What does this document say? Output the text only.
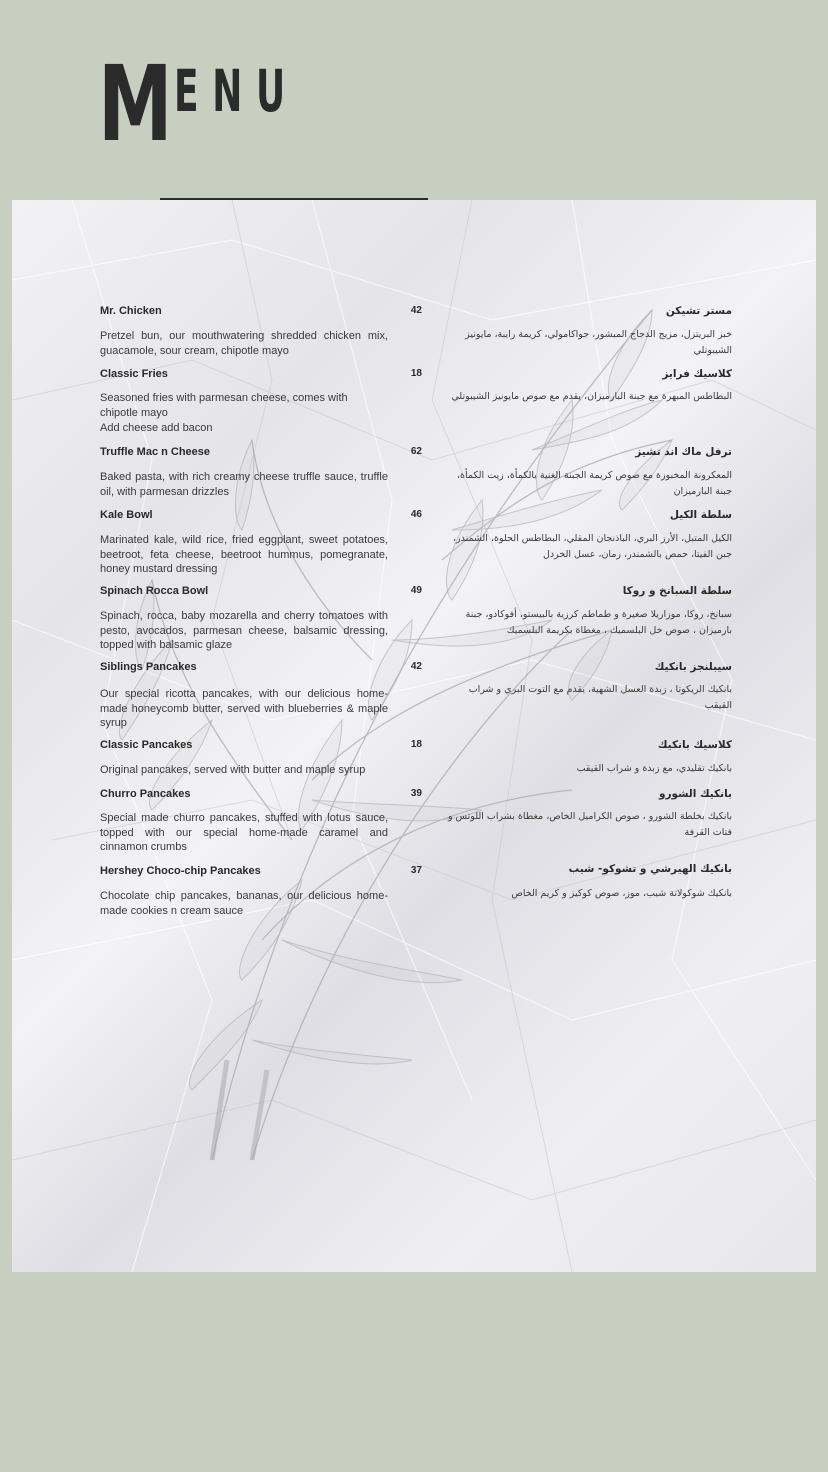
M ENU
Mr. Chicken	42
Pretzel bun, our mouthwatering shredded chicken mix, guacamole, sour cream, chipotle mayo
مستر تشيكن
خبز البريتزل، مزيج الدجاج المبشور، جواكامولي، كريمة رايبة، مايونيز الشيبوتلي
Classic Fries	18
Seasoned fries with parmesan cheese, comes with chipotle mayo
Add cheese add bacon
كلاسيك فرايز
البطاطس المبهرة مع جبنة البارميزان، يقدم مع صوص مايونيز الشيبوتلي
Truffle Mac n Cheese	62
Baked pasta, with rich creamy cheese truffle sauce, truffle oil, with parmesan drizzles
ترفل ماك اند تشيز
المعكرونة المخبوزة مع صوص كريمة الجبنة الغنية بالكمأة، زيت الكمأة، جبنة البارميزان
Kale Bowl	46
Marinated kale, wild rice, fried eggplant, sweet potatoes, beetroot, feta cheese, beetroot hummus, pomegranate, honey mustard dressing
سلطة الكيل
الكيل المتبل، الأرز البري، الباذنجان المقلي، البطاطس الحلوة، الشمندر، جبن الفيتا، حمص بالشمندر، رمان، عسل الخردل
Spinach Rocca Bowl	49
Spinach, rocca, baby mozarella and cherry tomatoes with pesto, avocados, parmesan cheese, balsamic dressing, topped with balsamic glaze
سلطة السبانخ و روكا
سبانخ، روكا، موزاريلا صغيرة و طماطم كرزية بالبيستو، أفوكادو، جبنة بارميزان ، صوص خل البلسميك ، مغطاة بكريمة البلسميك
Siblings Pancakes	42
Our special ricotta pancakes, with our delicious home-made honeycomb butter, served with blueberries & maple syrup
سيبلنجز بانكيك
بانكيك الريكوتا ، زبدة العسل الشهية، يقدم مع التوت البري و شراب القيقب
Classic Pancakes	18
Original pancakes, served with butter and maple syrup
كلاسيك بانكيك
بانكيك تقليدي، مع زبدة و شراب القيقب
Churro Pancakes	39
Special made churro pancakes, stuffed with lotus sauce, topped with our special home-made caramel and cinnamon crumbs
بانكيك الشورو
بانكيك بخلطة الشورو ، صوص الكراميل الخاص، مغطاة بشراب اللوتس و فتات القرفة
Hershey Choco-chip Pancakes	37
Chocolate chip pancakes, bananas, our delicious home-made cookies n cream sauce
بانكيك الهيرشي و تشوكو- شيب
بانكيك شوكولاتة شيب، موز، صوص كوكيز و كريم الخاص
